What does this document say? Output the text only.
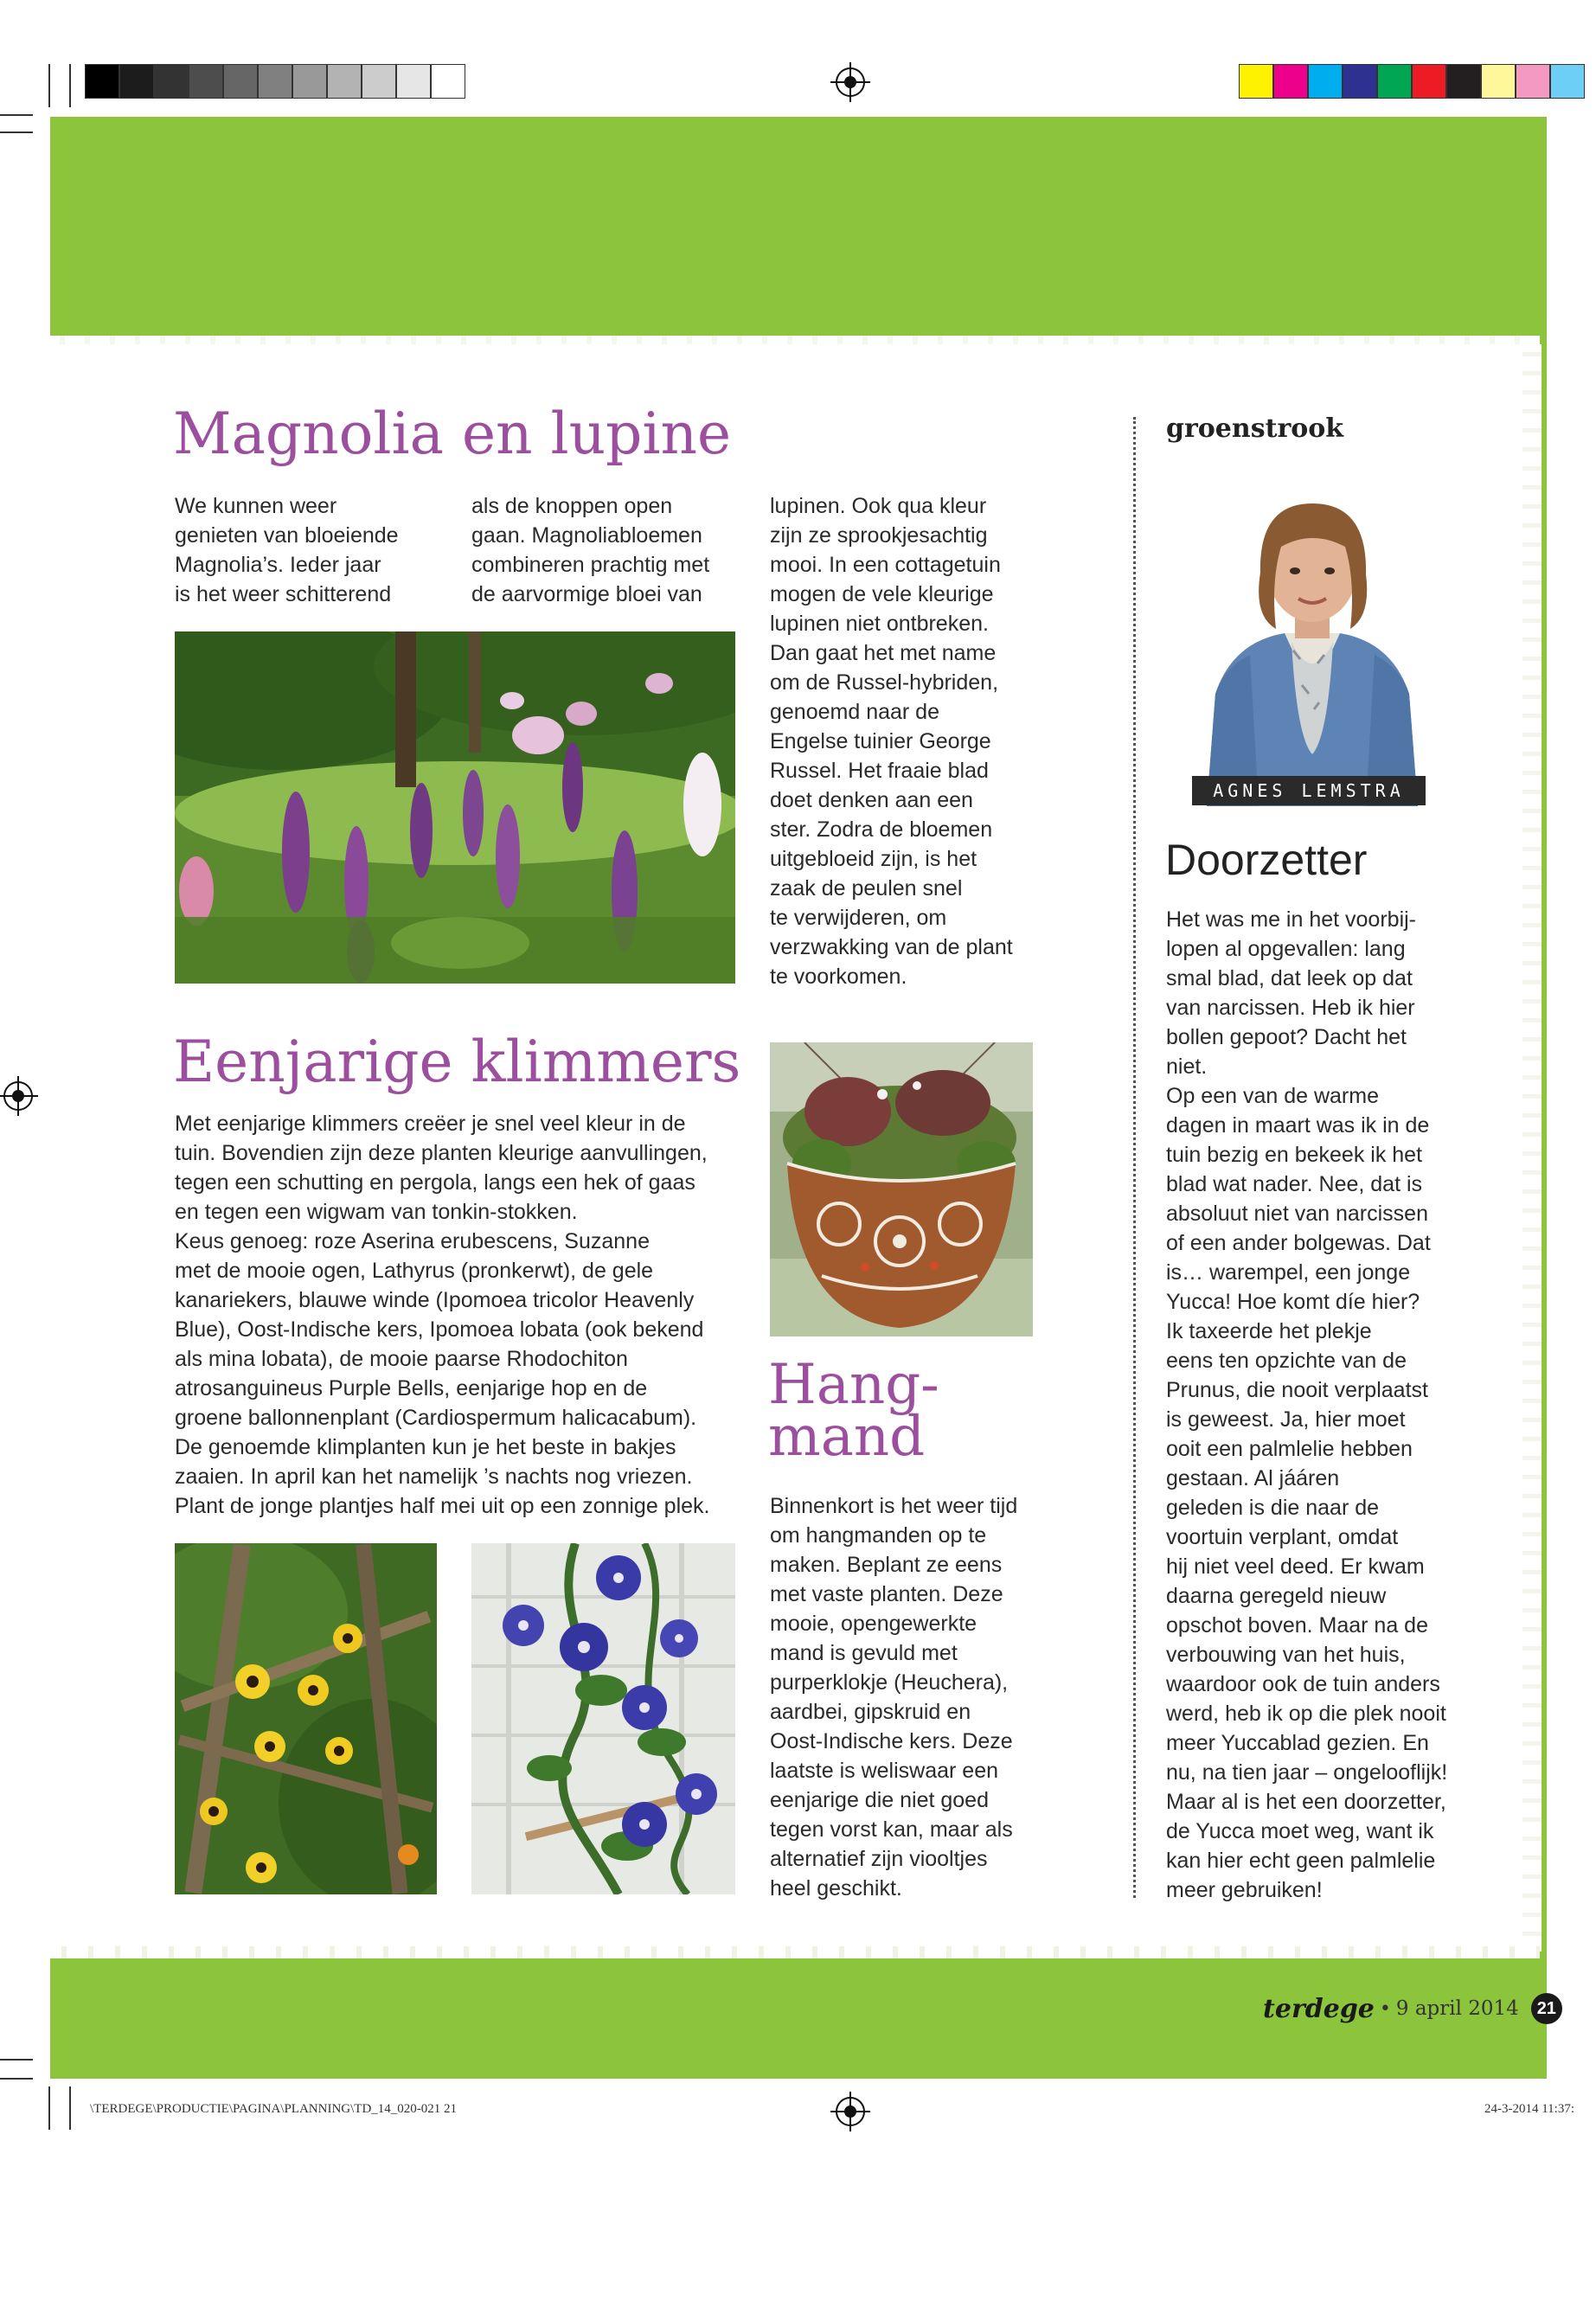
Magnolia en lupine
We kunnen weer
genieten van bloeiende
Magnolia’s. Ieder jaar
is het weer schitterend
als de knoppen open
gaan. Magnoliabloemen
combineren prachtig met
de aarvormige bloei van
lupinen. Ook qua kleur
zijn ze sprookjesachtig
mooi. In een cottagetuin
mogen de vele kleurige
lupinen niet ontbreken.
Dan gaat het met name
om de Russel-hybriden,
genoemd naar de
Engelse tuinier George
Russel. Het fraaie blad
doet denken aan een
ster. Zodra de bloemen
uitgebloeid zijn, is het
zaak de peulen snel
te verwijderen, om
verzwakking van de plant
te voorkomen.
Eenjarige klimmers
Met eenjarige klimmers creëer je snel veel kleur in de
tuin. Bovendien zijn deze planten kleurige aanvullingen,
tegen een schutting en pergola, langs een hek of gaas
en tegen een wigwam van tonkin-stokken.
Keus genoeg: roze Aserina erubescens, Suzanne
met de mooie ogen, Lathyrus (pronkerwt), de gele
kanariekers, blauwe winde (Ipomoea tricolor Heavenly
Blue), Oost-Indische kers, Ipomoea lobata (ook bekend
als mina lobata), de mooie paarse Rhodochiton
atrosanguineus Purple Bells, eenjarige hop en de
groene ballonnenplant (Cardiospermum halicacabum).
De genoemde klimplanten kun je het beste in bakjes
zaaien. In april kan het namelijk ’s nachts nog vriezen.
Plant de jonge plantjes half mei uit op een zonnige plek.
Hang-
mand
Binnenkort is het weer tijd
om hangmanden op te
maken. Beplant ze eens
met vaste planten. Deze
mooie, opengewerkte
mand is gevuld met
purperklokje (Heuchera),
aardbei, gipskruid en
Oost-Indische kers. Deze
laatste is weliswaar een
eenjarige die niet goed
tegen vorst kan, maar als
alternatief zijn viooltjes
heel geschikt.
groenstrook
AGNES LEMSTRA
Doorzetter
Het was me in het voorbij-
lopen al opgevallen: lang
smal blad, dat leek op dat
van narcissen. Heb ik hier
bollen gepoot? Dacht het
niet.
Op een van de warme
dagen in maart was ik in de
tuin bezig en bekeek ik het
blad wat nader. Nee, dat is
absoluut niet van narcissen
of een ander bolgewas. Dat
is… warempel, een jonge
Yucca! Hoe komt díe hier?
Ik taxeerde het plekje
eens ten opzichte van de
Prunus, die nooit verplaatst
is geweest. Ja, hier moet
ooit een palmlelie hebben
gestaan. Al jááren
geleden is die naar de
voortuin verplant, omdat
hij niet veel deed. Er kwam
daarna geregeld nieuw
opschot boven. Maar na de
verbouwing van het huis,
waardoor ook de tuin anders
werd, heb ik op die plek nooit
meer Yuccablad gezien. En
nu, na tien jaar – ongelooflijk!
Maar al is het een doorzetter,
de Yucca moet weg, want ik
kan hier echt geen palmlelie
meer gebruiken!
terdege • 9 april 2014	21
\TERDEGE\PRODUCTIE\PAGINA\PLANNING\TD_14_020-021 21	24-3-2014 11:37:
